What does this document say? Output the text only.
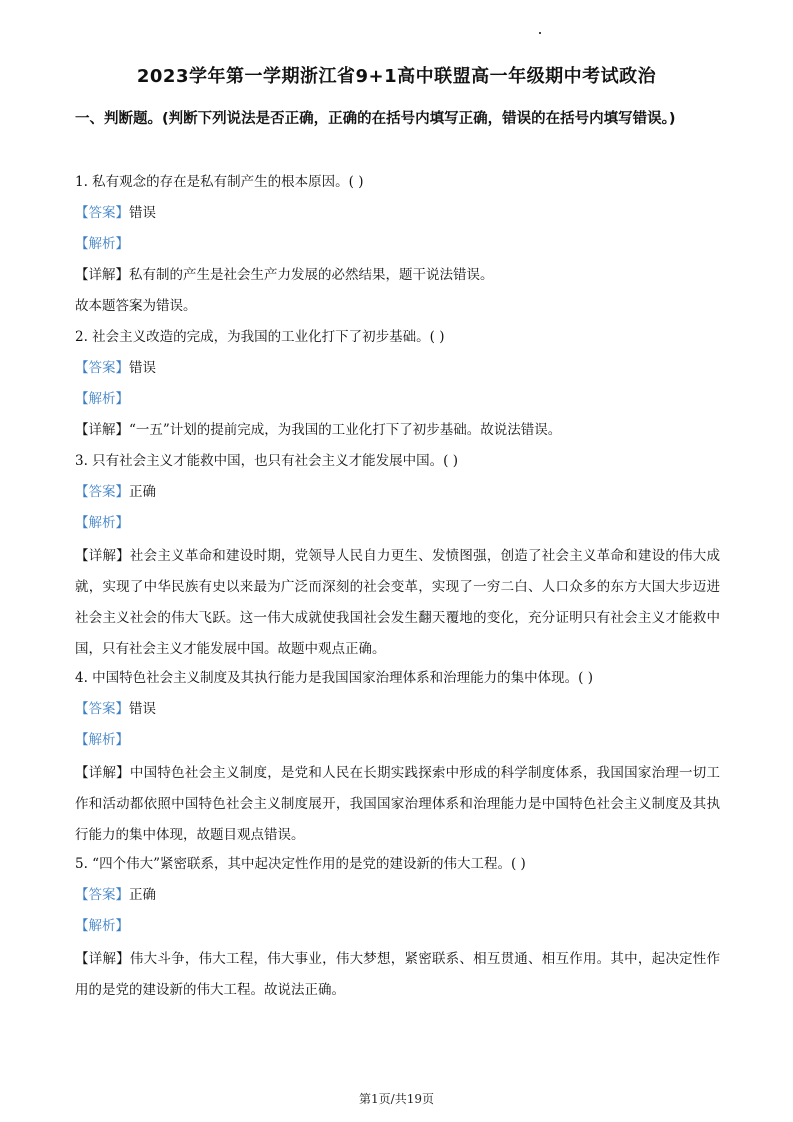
2023学年第一学期浙江省9+1高中联盟高一年级期中考试政治
一、判断题。(判断下列说法是否正确，正确的在括号内填写正确，错误的在括号内填写错误。)
1. 私有观念的存在是私有制产生的根本原因。( )
【答案】错误
【解析】
【详解】私有制的产生是社会生产力发展的必然结果，题干说法错误。
故本题答案为错误。
2. 社会主义改造的完成，为我国的工业化打下了初步基础。( )
【答案】错误
【解析】
【详解】“一五”计划的提前完成，为我国的工业化打下了初步基础。故说法错误。
3. 只有社会主义才能救中国，也只有社会主义才能发展中国。( )
【答案】正确
【解析】
【详解】社会主义革命和建设时期，党领导人民自力更生、发愤图强，创造了社会主义革命和建设的伟大成就，实现了中华民族有史以来最为广泛而深刻的社会变革，实现了一穷二白、人口众多的东方大国大步迈进社会主义社会的伟大飞跃。这一伟大成就使我国社会发生翻天覆地的变化，充分证明只有社会主义才能救中国，只有社会主义才能发展中国。故题中观点正确。
4. 中国特色社会主义制度及其执行能力是我国国家治理体系和治理能力的集中体现。( )
【答案】错误
【解析】
【详解】中国特色社会主义制度，是党和人民在长期实践探索中形成的科学制度体系，我国国家治理一切工作和活动都依照中国特色社会主义制度展开，我国国家治理体系和治理能力是中国特色社会主义制度及其执行能力的集中体现，故题目观点错误。
5. “四个伟大”紧密联系，其中起决定性作用的是党的建设新的伟大工程。( )
【答案】正确
【解析】
【详解】伟大斗争，伟大工程，伟大事业，伟大梦想，紧密联系、相互贯通、相互作用。其中，起决定性作用的是党的建设新的伟大工程。故说法正确。
第1页/共19页
